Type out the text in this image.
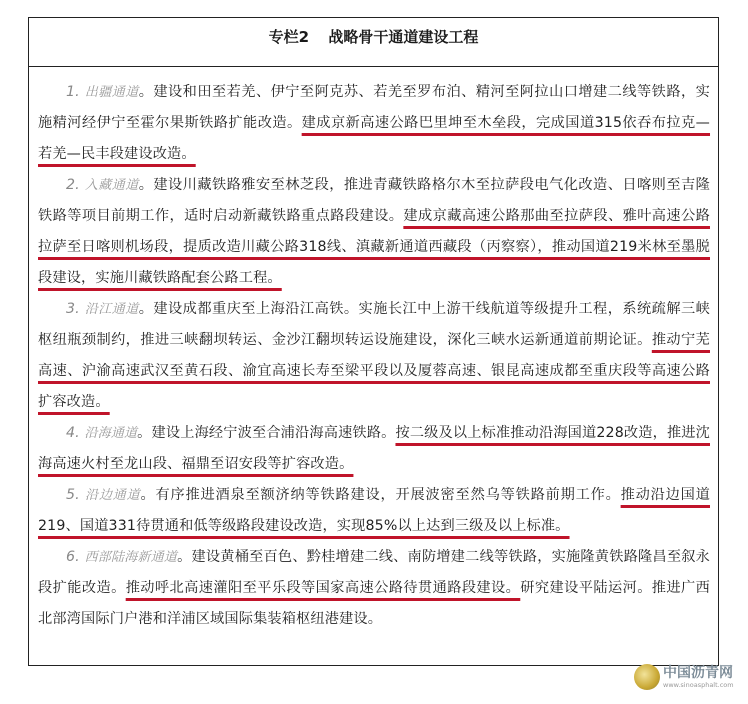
专栏2 战略骨干通道建设工程

1. 出疆通道。建设和田至若羌、伊宁至阿克苏、若羌至罗布泊、精河至阿拉山口增建二线等铁路，实施精河经伊宁至霍尔果斯铁路扩能改造。建成京新高速公路巴里坤至木垒段，完成国道315依吞布拉克—若羌—民丰段建设改造。

2. 入藏通道。建设川藏铁路雅安至林芝段，推进青藏铁路格尔木至拉萨段电气化改造、日喀则至吉隆铁路等项目前期工作，适时启动新藏铁路重点路段建设。建成京藏高速公路那曲至拉萨段、雅叶高速公路拉萨至日喀则机场段，提质改造川藏公路318线、滇藏新通道西藏段（丙察察），推动国道219米林至墨脱段建设，实施川藏铁路配套公路工程。

3. 沿江通道。建设成都重庆至上海沿江高铁。实施长江中上游干线航道等级提升工程，系统疏解三峡枢纽瓶颈制约，推进三峡翻坝转运、金沙江翻坝转运设施建设，深化三峡水运新通道前期论证。推动宁芜高速、沪渝高速武汉至黄石段、渝宜高速长寿至梁平段以及厦蓉高速、银昆高速成都至重庆段等高速公路扩容改造。

4. 沿海通道。建设上海经宁波至合浦沿海高速铁路。按二级及以上标准推动沿海国道228改造，推进沈海高速火村至龙山段、福鼎至诏安段等扩容改造。

5. 沿边通道。有序推进酒泉至额济纳等铁路建设，开展波密至然乌等铁路前期工作。推动沿边国道219、国道331待贯通和低等级路段建设改造，实现85%以上达到三级及以上标准。

6. 西部陆海新通道。建设黄桶至百色、黔桂增建二线、南防增建二线等铁路，实施隆黄铁路隆昌至叙永段扩能改造。推动呼北高速灌阳至平乐段等国家高速公路待贯通路段建设。研究建设平陆运河。推进广西北部湾国际门户港和洋浦区域国际集装箱枢纽港建设。

中国沥青网
www.sinoasphalt.com
